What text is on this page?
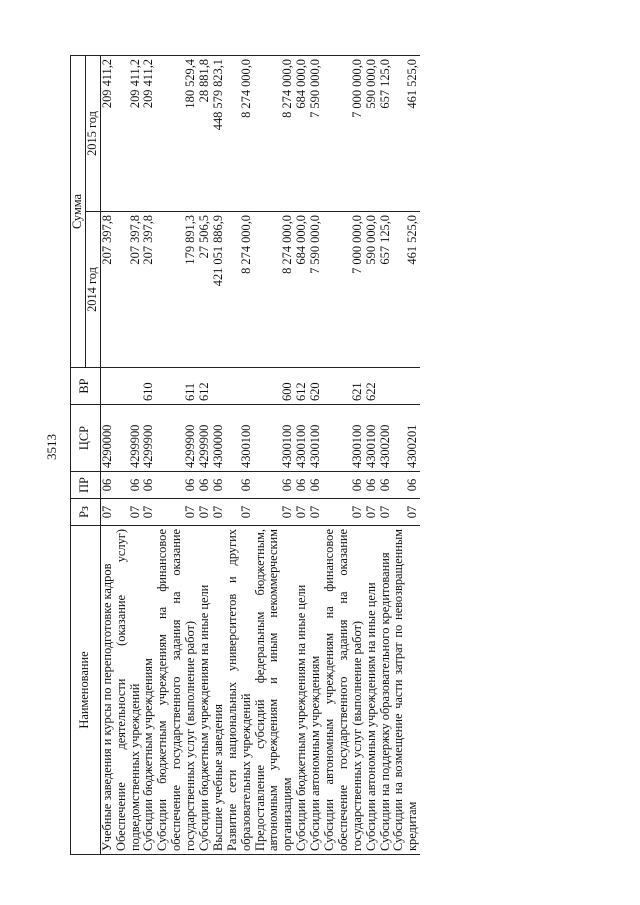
3513
Наименование	Рз	ПР	ЦСР	ВР	Сумма	
					2014 год	2015 год
Учебные заведения и курсы по переподготовке кадров	07	06	4290000		207 397,8	209 411,2
Обеспечение деятельности (оказание услуг) подведомственных учреждений	07	06	4299900		207 397,8	209 411,2
Субсидии бюджетным учреждениям	07	06	4299900	610	207 397,8	209 411,2
Субсидии бюджетным учреждениям на финансовое обеспечение государственного задания на оказание государственных услуг (выполнение работ)	07	06	4299900	611	179 891,3	180 529,4
Субсидии бюджетным учреждениям на иные цели	07	06	4299900	612	27 506,5	28 881,8
Высшие учебные заведения	07	06	4300000		421 051 886,9	448 579 823,1
Развитие сети национальных университетов и других образовательных учреждений	07	06	4300100		8 274 000,0	8 274 000,0
Предоставление субсидий федеральным бюджетным, автономным учреждениям и иным некоммерческим организациям	07	06	4300100	600	8 274 000,0	8 274 000,0
Субсидии бюджетным учреждениям на иные цели	07	06	4300100	612	684 000,0	684 000,0
Субсидии автономным учреждениям	07	06	4300100	620	7 590 000,0	7 590 000,0
Субсидии автономным учреждениям на финансовое обеспечение государственного задания на оказание государственных услуг (выполнение работ)	07	06	4300100	621	7 000 000,0	7 000 000,0
Субсидии автономным учреждениям на иные цели	07	06	4300100	622	590 000,0	590 000,0
Субсидии на поддержку образовательного кредитования	07	06	4300200		657 125,0	657 125,0
Субсидии на возмещение части затрат по невозвращенным кредитам	07	06	4300201		461 525,0	461 525,0
